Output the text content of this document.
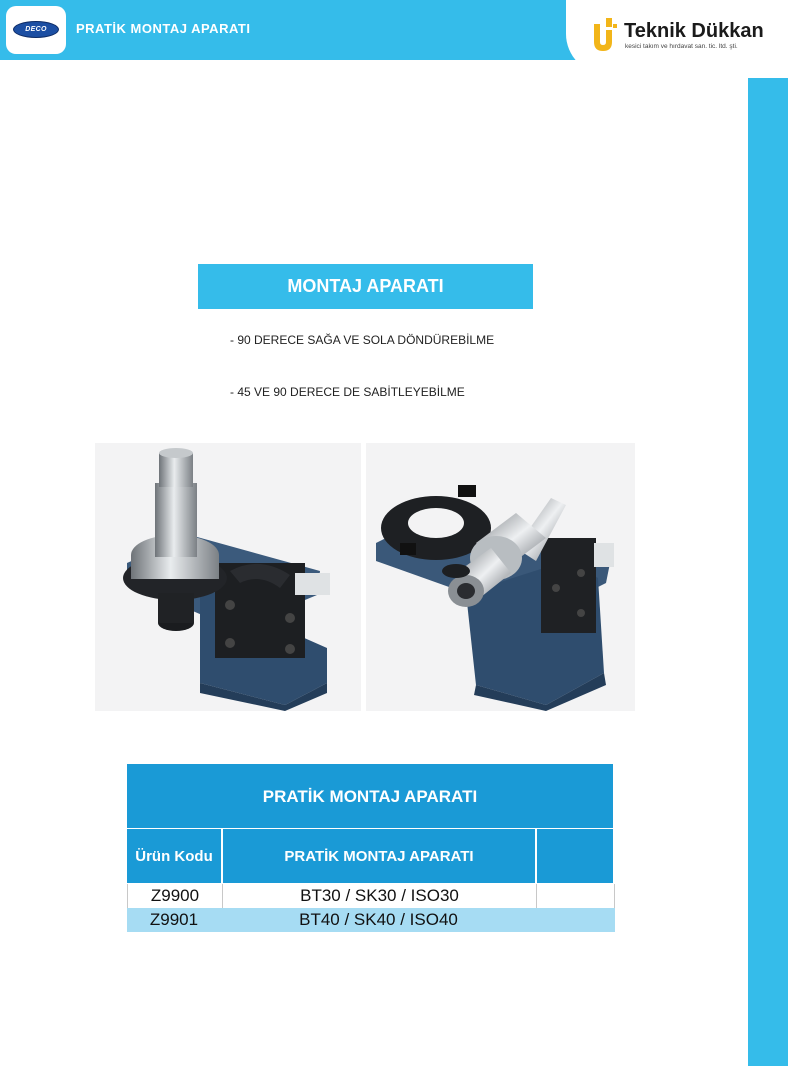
DECO	PRATİK MONTAJ APARATI	Teknik Dükkan
kesici takım ve hırdavat san. tic. ltd. şti.
MONTAJ APARATI
- 90 DERECE SAĞA VE SOLA DÖNDÜREBİLME
- 45 VE 90 DERECE DE SABİTLEYEBİLME
PRATİK MONTAJ APARATI
Ürün Kodu	PRATİK MONTAJ APARATI
Z9900	BT30 / SK30 / ISO30
Z9901	BT40 / SK40 / ISO40
